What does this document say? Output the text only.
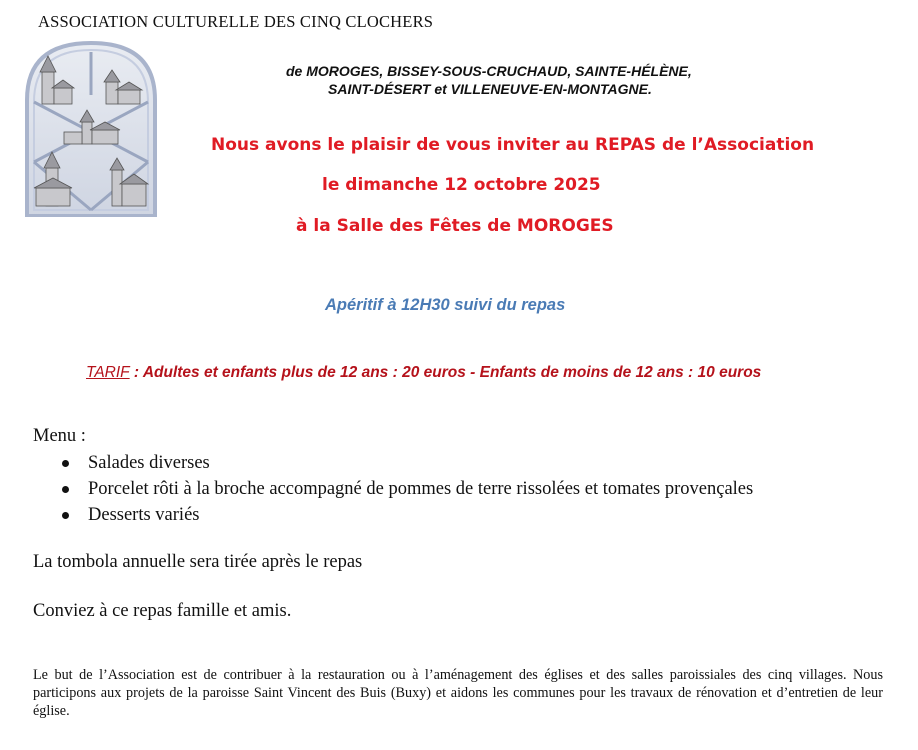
ASSOCIATION CULTURELLE DES CINQ CLOCHERS
de MOROGES, BISSEY-SOUS-CRUCHAUD, SAINTE-HÉLÈNE,
SAINT-DÉSERT et VILLENEUVE-EN-MONTAGNE.
Nous avons le plaisir de vous inviter au REPAS de l’Association
le dimanche 12 octobre 2025
à la Salle des Fêtes de MOROGES
Apéritif à 12H30 suivi du repas
TARIF : Adultes et enfants plus de 12 ans : 20 euros - Enfants de moins de 12 ans : 10 euros
Menu :
Salades diverses
Porcelet rôti à la broche accompagné de pommes de terre rissolées et tomates provençales
Desserts variés
La tombola annuelle sera tirée après le repas
Conviez à ce repas famille et amis.
Le but de l’Association est de contribuer à la restauration ou à l’aménagement des églises et des salles paroissiales des cinq villages. Nous participons aux projets de la paroisse Saint Vincent des Buis (Buxy) et aidons les communes pour les travaux de rénovation et d’entretien de leur église.
